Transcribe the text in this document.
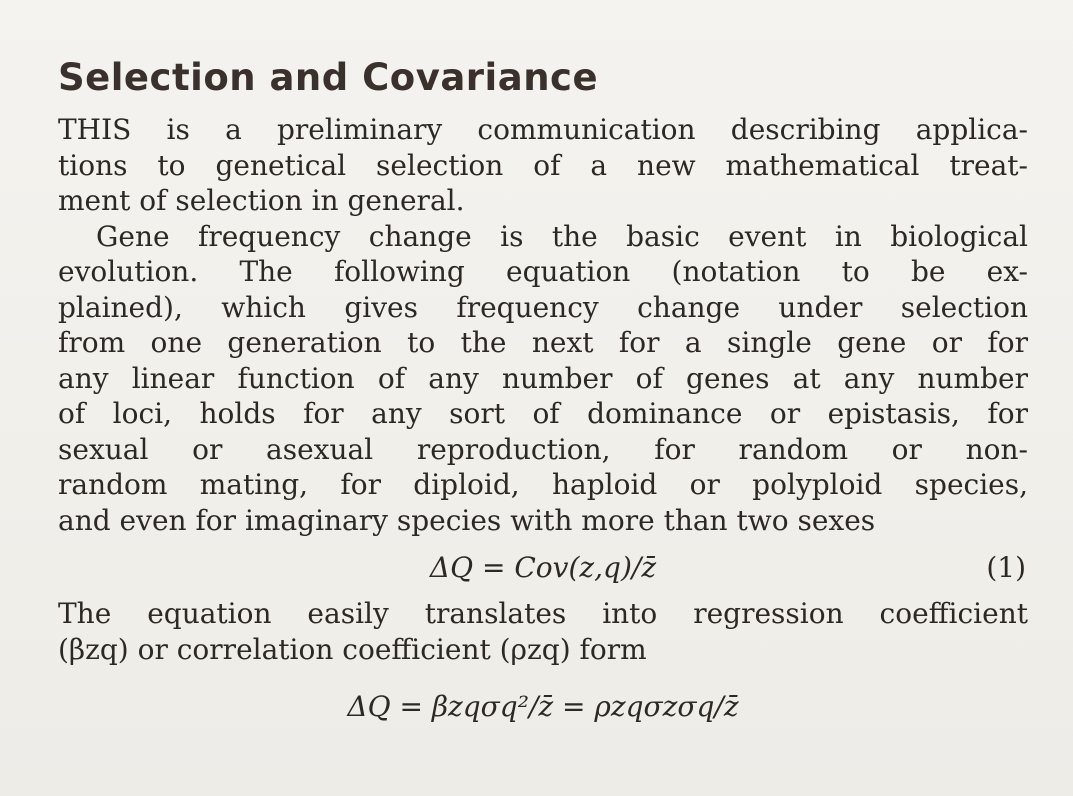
Selection and Covariance
THIS is a preliminary communication describing applica-
tions to genetical selection of a new mathematical treat-
ment of selection in general.
Gene frequency change is the basic event in biological
evolution. The following equation (notation to be ex-
plained), which gives frequency change under selection
from one generation to the next for a single gene or for
any linear function of any number of genes at any number
of loci, holds for any sort of dominance or epistasis, for
sexual or asexual reproduction, for random or non-
random mating, for diploid, haploid or polyploid species,
and even for imaginary species with more than two sexes
ΔQ = Cov(z,q)/z̄	(1)
The equation easily translates into regression coefficient
(βzq) or correlation coefficient (ρzq) form
ΔQ = βzqσq²/z̄ = ρzqσzσq/z̄
